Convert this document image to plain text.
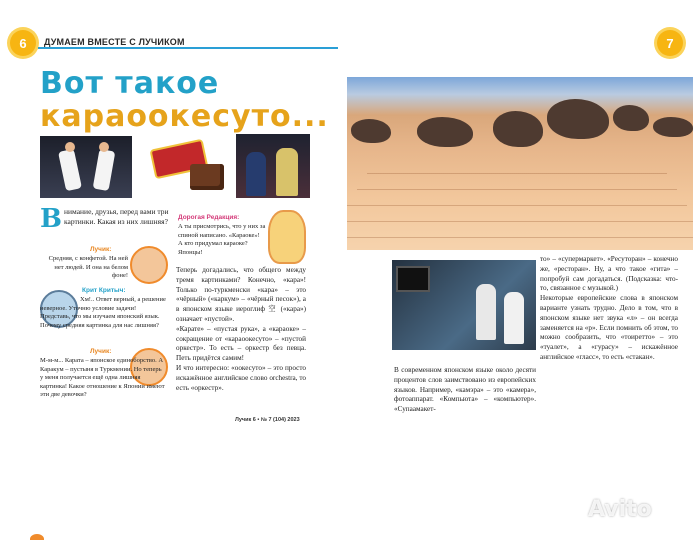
6 ДУМАЕМ ВМЕСТЕ С ЛУЧИКОМ	7
Вот такое
караоокесуто...
В нимание, друзья, перед вами три картинки. Какая из них лишняя?
Лучик:
Средняя, с конфетой. На ней нет людей. И она на белом фоне!
Крит Критыч:
Хм!.. Ответ верный, а решение неверное. Уточню условие задачи! Представь, что мы изучаем японский язык. Почему средняя картинка для нас лишняя?
Лучик:
М-м-м... Карата – японское единоборство. А Каракум – пустыня в Туркмении. Но теперь у меня получается ещё одна лишняя картинка! Какое отношение к Японии имеют эти две девочки?
Дорогая Редакция:
А ты присмотрись, что у них за спиной написано. «Караоке»! А кто придумал караоке? Японцы!
Теперь догадались, что общего между тремя картинками? Конечно, «кара»! Только по-туркменски «кара» – это «чёрный» («каркум» – «чёрный песок»), а в японском языке иероглиф 空 («кара») означает «пустой».
«Карате» – «пустая рука», а «караоке» – сокращение от «караоокесуто» – «пустой оркестр». То есть – оркестр без певца. Петь придётся самим!
И что интересно: «оокесуто» – это просто искажённое английское слово orchestra, то есть «оркестр».
В современном японском языке около десяти процентов слов заимствовано из европейских языков. Например, «камэра» – это «камера», фотоаппарат. «Компьюта» – «компьютер». «Супаамакет-
то» – «супермаркет». «Ресуторан» – конечно же, «ресторан». Ну, а что такое «гита» – попробуй сам догадаться. (Подсказка: что-то, связанное с музыкой.)
Некоторые европейские слова в японском варианте узнать трудно. Дело в том, что в японском языке нет звука «л» – он всегда заменяется на «р». Если помнить об этом, то можно сообразить, что «тоиретто» – это «туалет», а «гурасу» – искажённое английское «гласс», то есть «стакан».
Лучик 6 • № 7 (104) 2023
Avito
